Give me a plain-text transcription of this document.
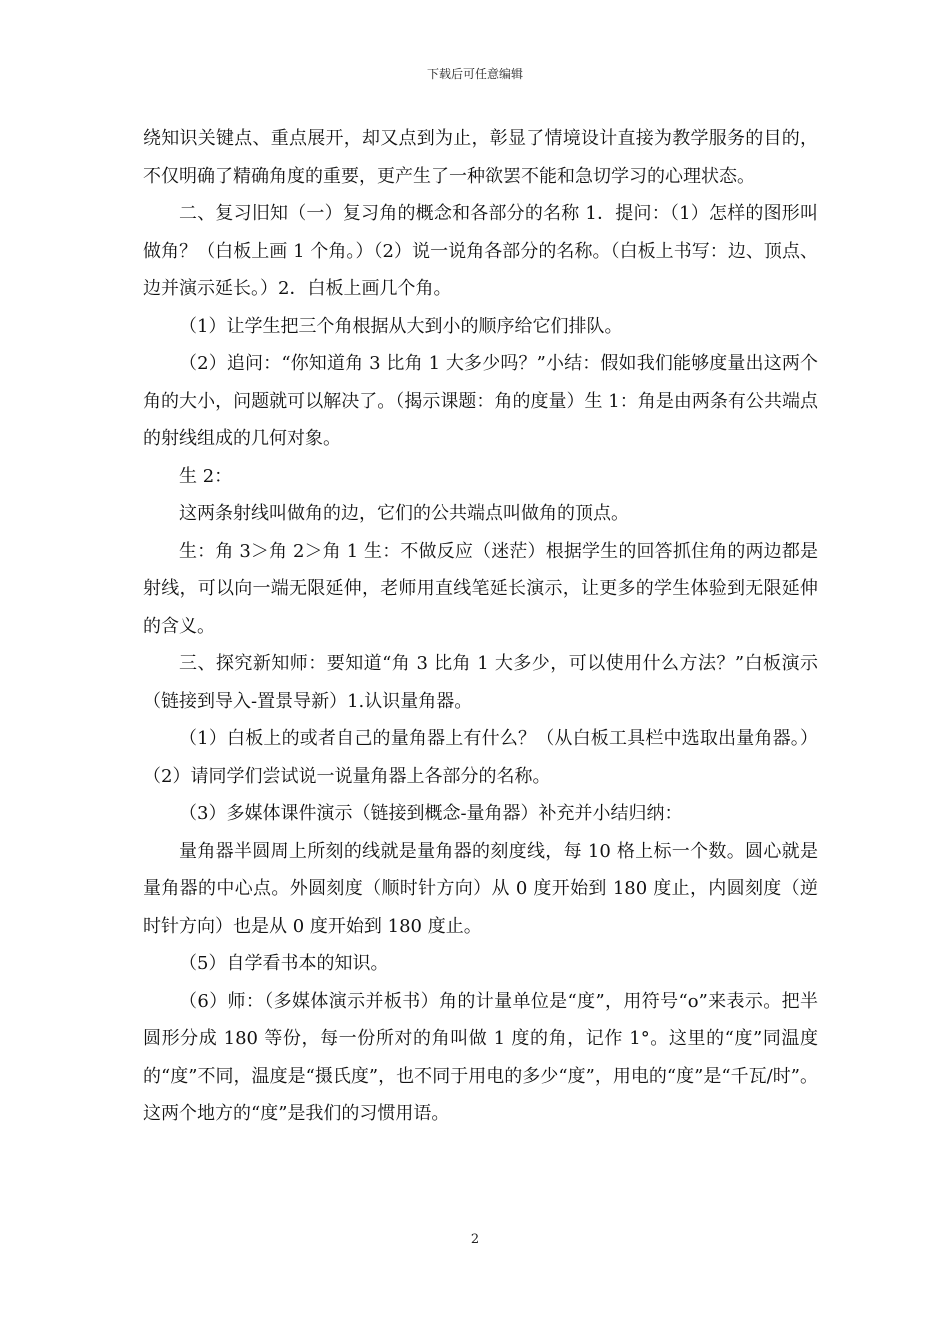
下载后可任意编辑

绕知识关键点、重点展开，却又点到为止，彰显了情境设计直接为教学服务的目的，不仅明确了精确角度的重要，更产生了一种欲罢不能和急切学习的心理状态。

二、复习旧知（一）复习角的概念和各部分的名称 1．提问：（1）怎样的图形叫做角？（白板上画 1 个角。）（2）说一说角各部分的名称。（白板上书写：边、顶点、边并演示延长。）2．白板上画几个角。

（1）让学生把三个角根据从大到小的顺序给它们排队。

（2）追问：“你知道角 3 比角 1 大多少吗？”小结：假如我们能够度量出这两个角的大小，问题就可以解决了。（揭示课题：角的度量）生 1：角是由两条有公共端点的射线组成的几何对象。

生 2：

这两条射线叫做角的边，它们的公共端点叫做角的顶点。

生：角 3＞角 2＞角 1 生：不做反应（迷茫）根据学生的回答抓住角的两边都是射线，可以向一端无限延伸，老师用直线笔延长演示，让更多的学生体验到无限延伸的含义。

三、探究新知师：要知道“角 3 比角 1 大多少，可以使用什么方法？”白板演示（链接到导入-置景导新）1.认识量角器。

（1）白板上的或者自己的量角器上有什么？（从白板工具栏中选取出量角器。）（2）请同学们尝试说一说量角器上各部分的名称。

（3）多媒体课件演示（链接到概念-量角器）补充并小结归纳：

量角器半圆周上所刻的线就是量角器的刻度线，每 10 格上标一个数。圆心就是量角器的中心点。外圆刻度（顺时针方向）从 0 度开始到 180 度止，内圆刻度（逆时针方向）也是从 0 度开始到 180 度止。

（5）自学看书本的知识。

（6）师：（多媒体演示并板书）角的计量单位是“度”，用符号“o”来表示。把半圆形分成 180 等份，每一份所对的角叫做 1 度的角，记作 1°。这里的“度”同温度的“度”不同，温度是“摄氏度”，也不同于用电的多少“度”，用电的“度”是“千瓦/时”。这两个地方的“度”是我们的习惯用语。

2
